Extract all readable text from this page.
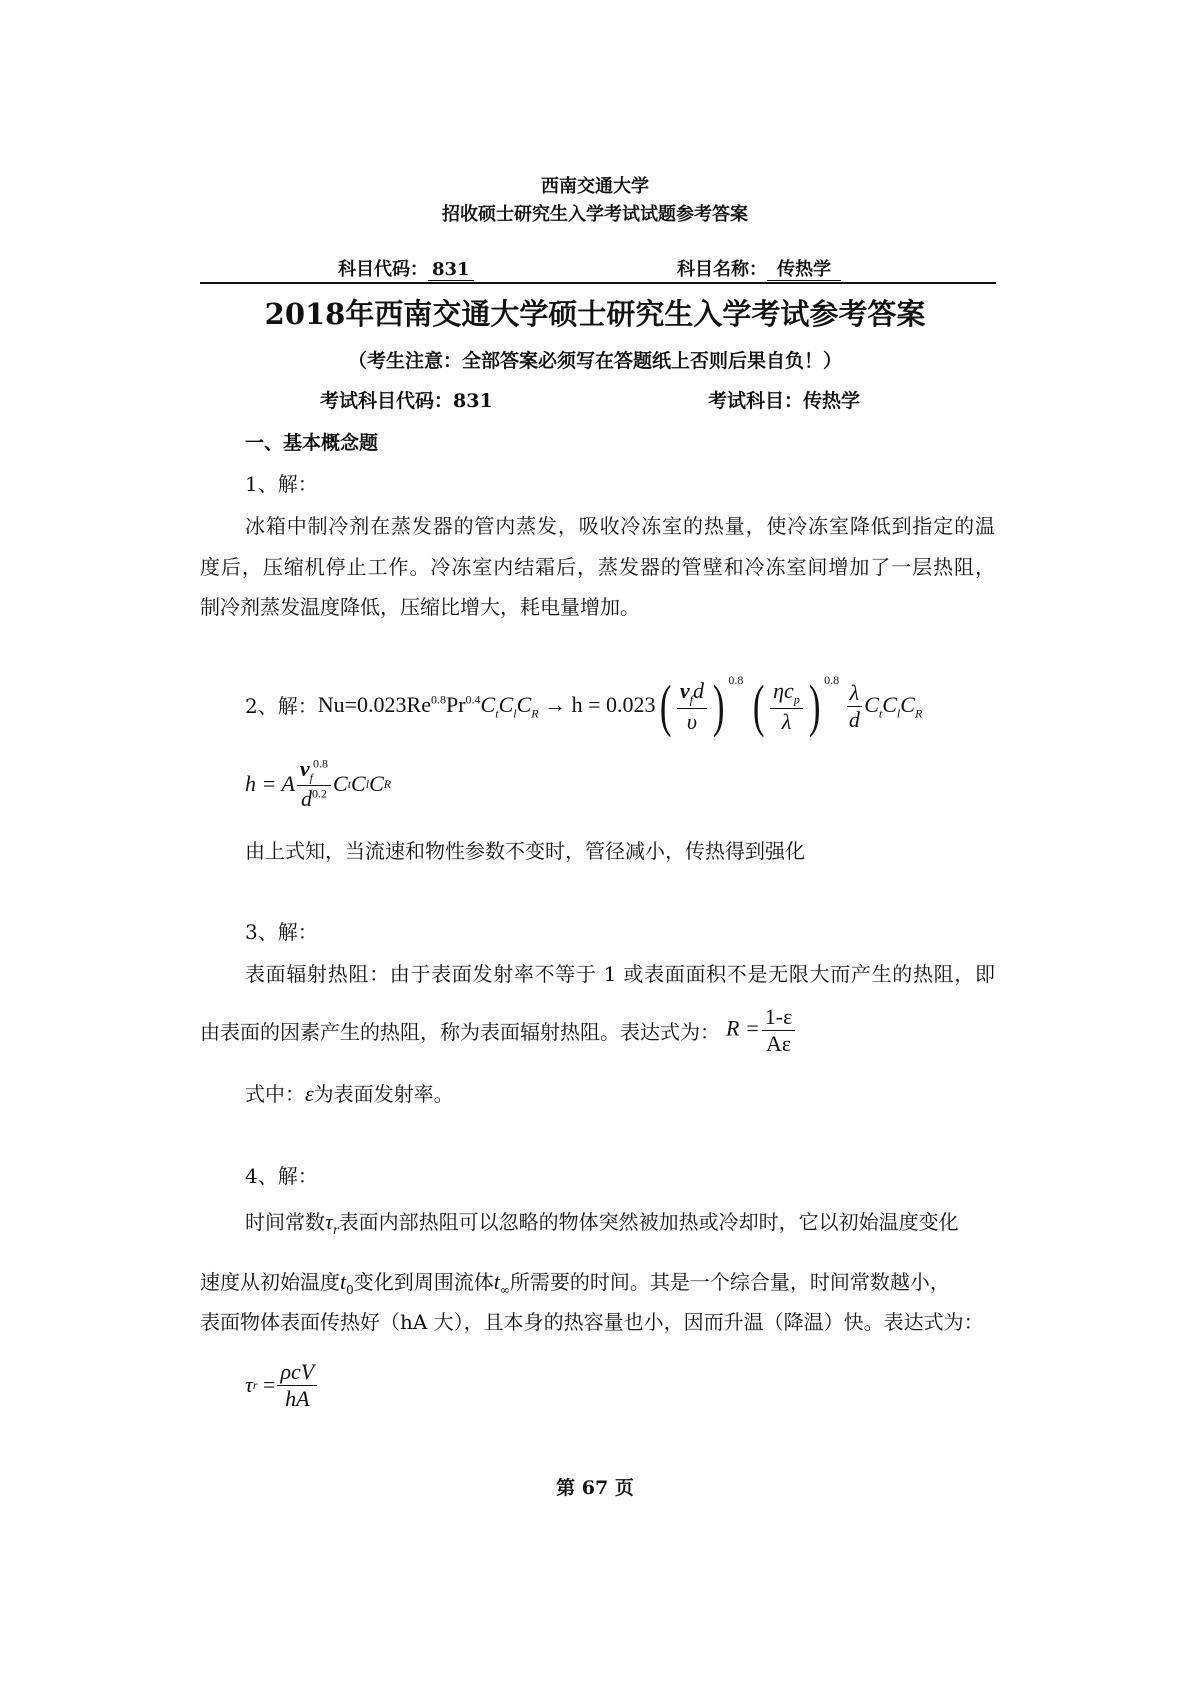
西南交通大学
招收硕士研究生入学考试试题参考答案
科目代码： 831	科目名称： 传热学
2018年西南交通大学硕士研究生入学考试参考答案
（考生注意：全部答案必须写在答题纸上否则后果自负！）
考试科目代码：831	考试科目：传热学
一、基本概念题
1、解：
冰箱中制冷剂在蒸发器的管内蒸发，吸收冷冻室的热量，使冷冻室降低到指定的温
度后，压缩机停止工作。冷冻室内结霜后，蒸发器的管壁和冷冻室间增加了一层热阻，
制冷剂蒸发温度降低，压缩比增大，耗电量增加。
2、解： $Nu=0.023Re^{0.8}Pr^{0.4}C_tC_lC_R \to h = 0.023( \frac{v_fd}{\upsilon}$ ) $^{0.8}$ ( $\frac{\eta c_p}{\lambda}$ ) $^{0.8}$
$\frac{\lambda}{d} C_tC_lC_R$
h = A $\frac{v_f^{0.8}}{d^{0.2}}$ C t C l C R
由上式知，当流速和物性参数不变时，管径减小，传热得到强化
3、解：
表面辐射热阻：由于表面发射率不等于 1 或表面面积不是无限大而产生的热阻，即
由表面的因素产生的热阻，称为表面辐射热阻。表达式为： $R = \frac{1-\varepsilon}{A\varepsilon}$
式中：ε为表面发射率。
4、解：
时间常数$\tau_r$表面内部热阻可以忽略的物体突然被加热或冷却时，它以初始温度变化
速度从初始温度$t_0$变化到周围流体$t_\infty$所需要的时间。其是一个综合量，时间常数越小，
表面物体表面传热好（hA 大），且本身的热容量也小，因而升温（降温）快。表达式为：
τ r
= $\frac{\text{ρcV}}{hA}$
第 67 页
